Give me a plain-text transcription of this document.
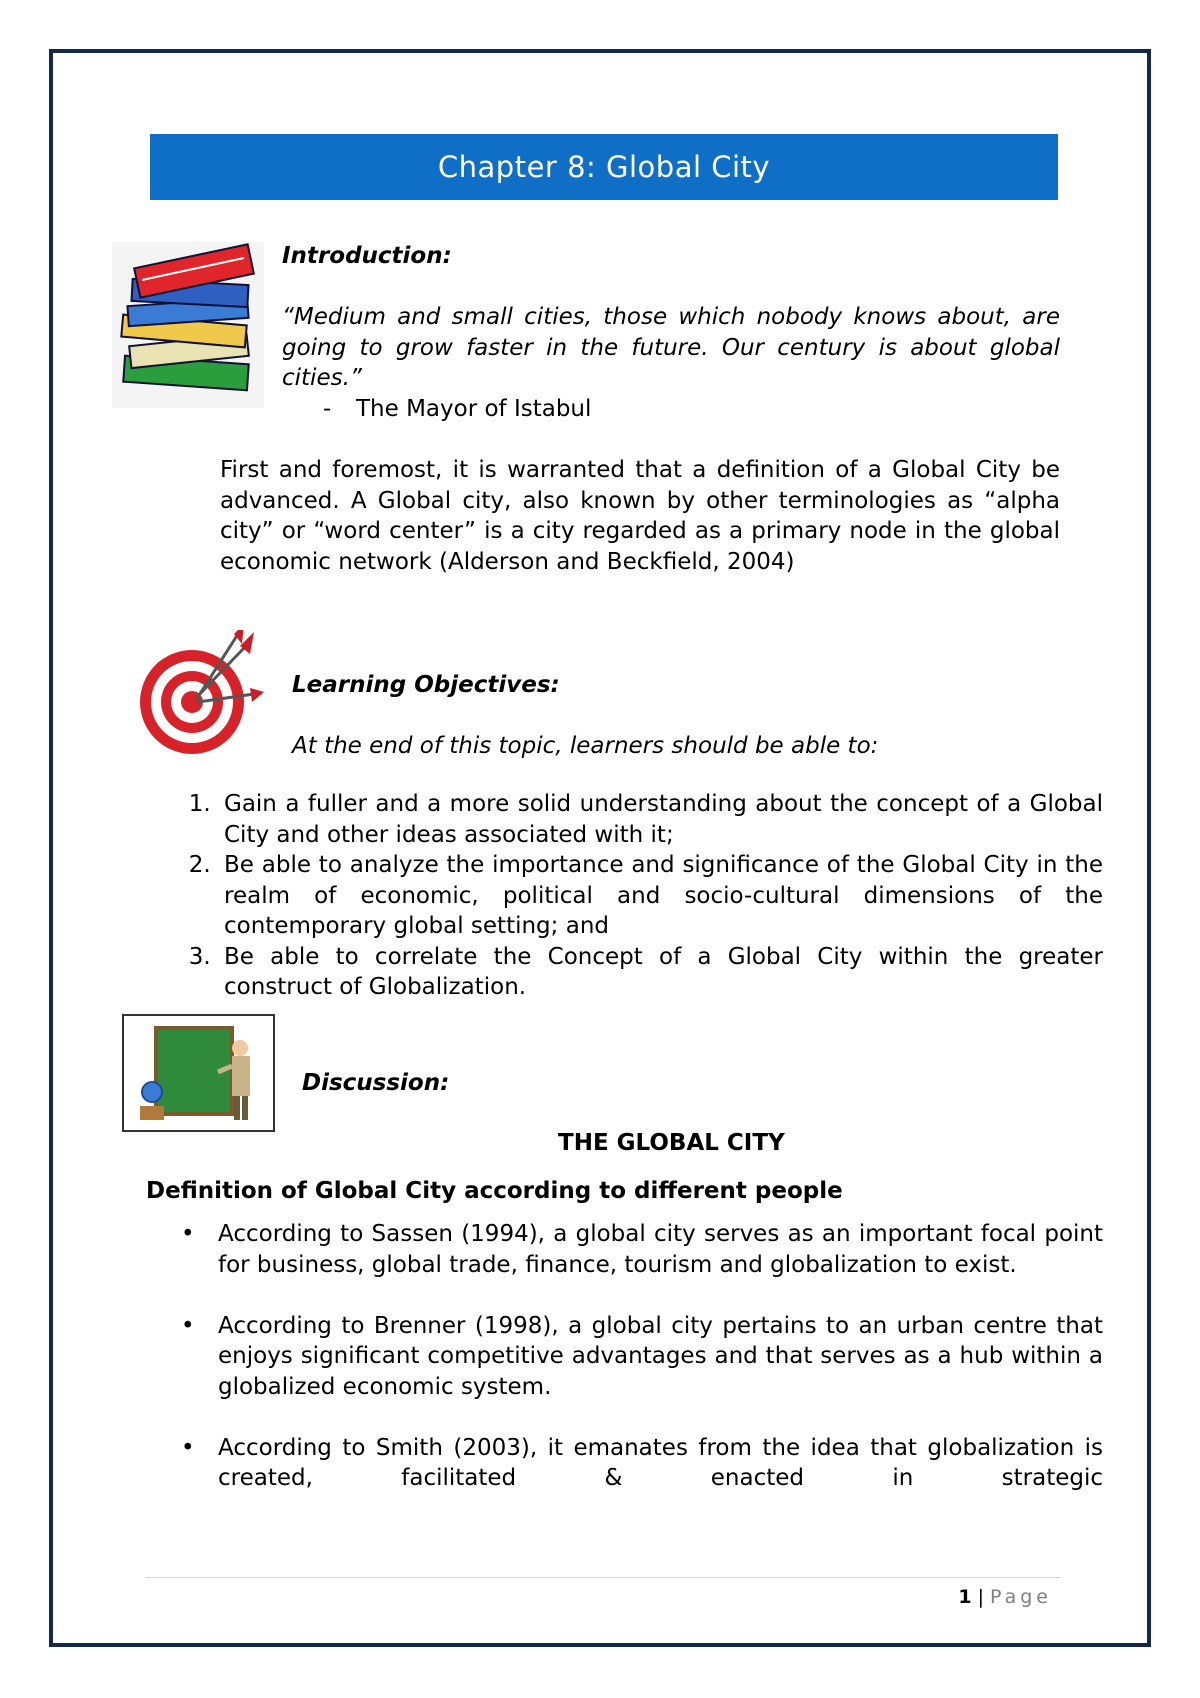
Chapter 8: Global City
Introduction:
“Medium and small cities, those which nobody knows about, are going to grow faster in the future. Our century is about global cities.”
- The Mayor of Istabul
First and foremost, it is warranted that a definition of a Global City be advanced. A Global city, also known by other terminologies as “alpha city” or “word center” is a city regarded as a primary node in the global economic network (Alderson and Beckfield, 2004)
Learning Objectives:
At the end of this topic, learners should be able to:
1. Gain a fuller and a more solid understanding about the concept of a Global City and other ideas associated with it;
2. Be able to analyze the importance and significance of the Global City in the realm of economic, political and socio-cultural dimensions of the contemporary global setting; and
3. Be able to correlate the Concept of a Global City within the greater construct of Globalization.
Discussion:
THE GLOBAL CITY
Definition of Global City according to different people
• According to Sassen (1994), a global city serves as an important focal point for business, global trade, finance, tourism and globalization to exist.
• According to Brenner (1998), a global city pertains to an urban centre that enjoys significant competitive advantages and that serves as a hub within a globalized economic system.
• According to Smith (2003), it emanates from the idea that globalization is created, facilitated & enacted in strategic
1 | Page
